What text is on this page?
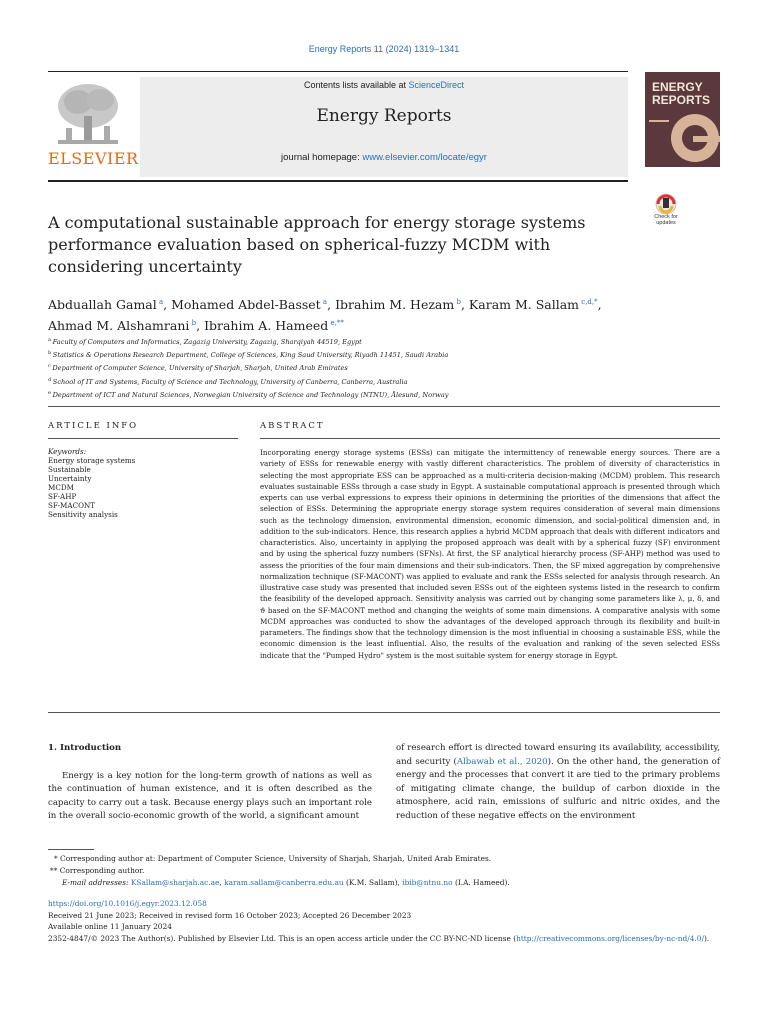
Energy Reports 11 (2024) 1319–1341
ELSEVIER
Contents lists available at ScienceDirect
Energy Reports
journal homepage: www.elsevier.com/locate/egyr
ENERGY
REPORTS
Check for
updates
A computational sustainable approach for energy storage systems performance evaluation based on spherical-fuzzy MCDM with considering uncertainty
Abduallah Gamal $^a$, Mohamed Abdel-Basset $^a$, Ibrahim M. Hezam $^b$, Karam M. Sallam $^{c,d,*}$,
Ahmad M. Alshamrani $^b$, Ibrahim A. Hameed $^{e,**}$
$^a$ Faculty of Computers and Informatics, Zagazig University, Zagazig, Sharqiyah 44519, Egypt
$^b$ Statistics & Operations Research Department, College of Sciences, King Saud University, Riyadh 11451, Saudi Arabia
$^c$ Department of Computer Science, University of Sharjah, Sharjah, United Arab Emirates
$^d$ School of IT and Systems, Faculty of Science and Technology, University of Canberra, Canberra, Australia
$^e$ Department of ICT and Natural Sciences, Norwegian University of Science and Technology (NTNU), Ålesund, Norway
ARTICLE INFO	ABSTRACT
Keywords:
Energy storage systems
Sustainable
Uncertainty
MCDM
SF-AHP
SF-MACONT
Sensitivity analysis
Incorporating energy storage systems (ESSs) can mitigate the intermittency of renewable energy sources. There are a variety of ESSs for renewable energy with vastly different characteristics. The problem of diversity of characteristics in selecting the most appropriate ESS can be approached as a multi-criteria decision-making (MCDM) problem. This research evaluates sustainable ESSs through a case study in Egypt. A sustainable computational approach is presented through which experts can use verbal expressions to express their opinions in determining the priorities of the dimensions that affect the selection of ESSs. Determining the appropriate energy storage system requires consideration of several main dimensions such as the technology dimension, environmental dimension, economic dimension, and social-political dimension and, in addition to the sub-indicators. Hence, this research applies a hybrid MCDM approach that deals with different indicators and characteristics. Also, uncertainty in applying the proposed approach was dealt with by a spherical fuzzy (SF) environment and by using the spherical fuzzy numbers (SFNs). At first, the SF analytical hierarchy process (SF-AHP) method was used to assess the priorities of the four main dimensions and their sub-indicators. Then, the SF mixed aggregation by comprehensive normalization technique (SF-MACONT) was applied to evaluate and rank the ESSs selected for analysis through research. An illustrative case study was presented that included seven ESSs out of the eighteen systems listed in the research to confirm the feasibility of the developed approach. Sensitivity analysis was carried out by changing some parameters like λ, μ, δ, and ϑ based on the SF-MACONT method and changing the weights of some main dimensions. A comparative analysis with some MCDM approaches was conducted to show the advantages of the developed approach through its flexibility and built-in parameters. The findings show that the technology dimension is the most influential in choosing a sustainable ESS, while the economic dimension is the least influential. Also, the results of the evaluation and ranking of the seven selected ESSs indicate that the "Pumped Hydro" system is the most suitable system for energy storage in Egypt.
1. Introduction
Energy is a key notion for the long-term growth of nations as well as the continuation of human existence, and it is often described as the capacity to carry out a task. Because energy plays such an important role in the overall socio-economic growth of the world, a significant amount
of research effort is directed toward ensuring its availability, accessibility, and security (Albawab et al., 2020). On the other hand, the generation of energy and the processes that convert it are tied to the primary problems of mitigating climate change, the buildup of carbon dioxide in the atmosphere, acid rain, emissions of sulfuric and nitric oxides, and the reduction of these negative effects on the environment
* Corresponding author at: Department of Computer Science, University of Sharjah, Sharjah, United Arab Emirates.
** Corresponding author.
E-mail addresses: KSallam@sharjah.ac.ae, karam.sallam@canberra.edu.au (K.M. Sallam), ibib@ntnu.no (I.A. Hameed).
https://doi.org/10.1016/j.egyr.2023.12.058
Received 21 June 2023; Received in revised form 16 October 2023; Accepted 26 December 2023
Available online 11 January 2024
2352-4847/© 2023 The Author(s). Published by Elsevier Ltd. This is an open access article under the CC BY-NC-ND license (http://creativecommons.org/licenses/by-nc-nd/4.0/).
